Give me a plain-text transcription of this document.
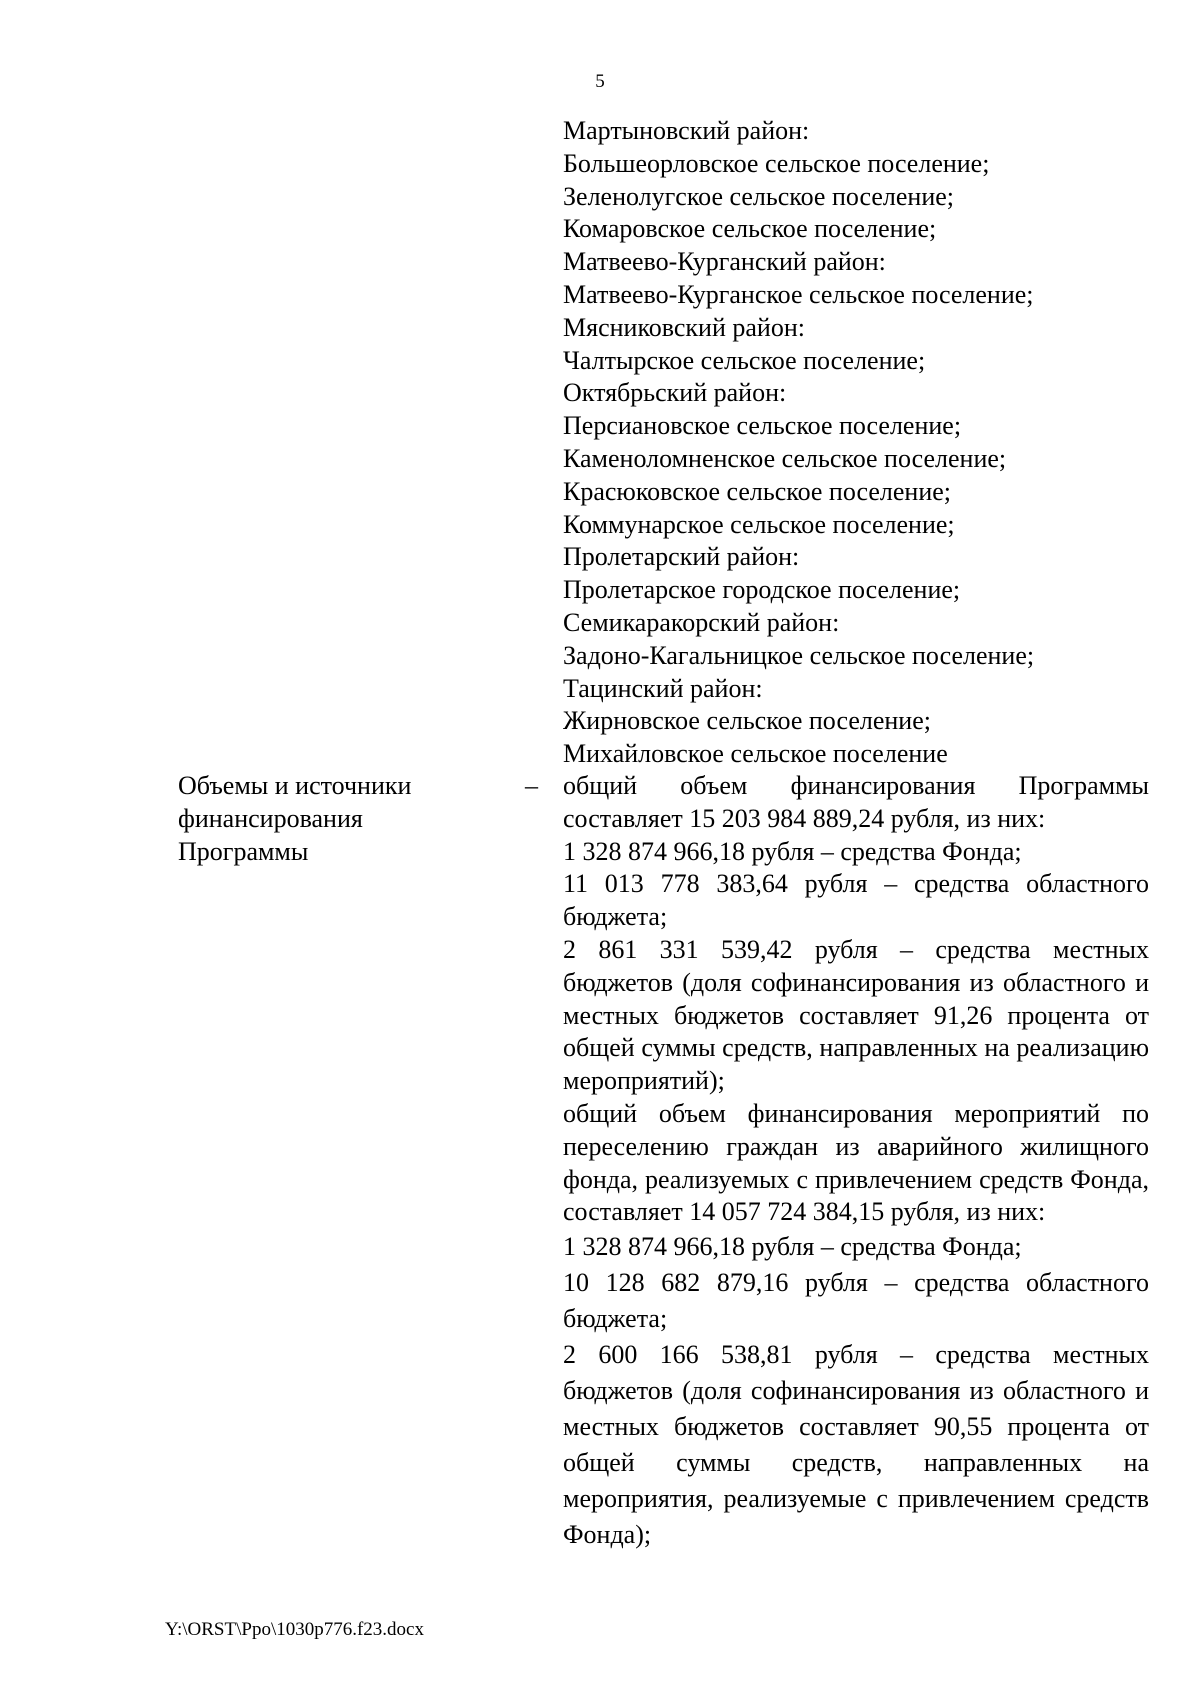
5
Мартыновский район:
Большеорловское сельское поселение;
Зеленолугское сельское поселение;
Комаровское сельское поселение;
Матвеево-Курганский район:
Матвеево-Курганское сельское поселение;
Мясниковский район:
Чалтырское сельское поселение;
Октябрьский район:
Персиановское сельское поселение;
Каменоломненское сельское поселение;
Красюковское сельское поселение;
Коммунарское сельское поселение;
Пролетарский район:
Пролетарское городское поселение;
Семикаракорский район:
Задоно-Кагальницкое сельское поселение;
Тацинский район:
Жирновское сельское поселение;
Михайловское сельское поселение
Объемы и источники финансирования Программы
– общий объем финансирования Программы составляет 15 203 984 889,24 рубля, из них:
1 328 874 966,18 рубля – средства Фонда;
11 013 778 383,64 рубля – средства областного бюджета;
2 861 331 539,42 рубля – средства местных бюджетов (доля софинансирования из областного и местных бюджетов составляет 91,26 процента от общей суммы средств, направленных на реализацию мероприятий);
общий объем финансирования мероприятий по переселению граждан из аварийного жилищного фонда, реализуемых с привлечением средств Фонда, составляет 14 057 724 384,15 рубля, из них:
1 328 874 966,18 рубля – средства Фонда;
10 128 682 879,16 рубля – средства областного бюджета;
2 600 166 538,81 рубля – средства местных бюджетов (доля софинансирования из областного и местных бюджетов составляет 90,55 процента от общей суммы средств, направленных на мероприятия, реализуемые с привлечением средств Фонда);
Y:\ORST\Ppo\1030p776.f23.docx
